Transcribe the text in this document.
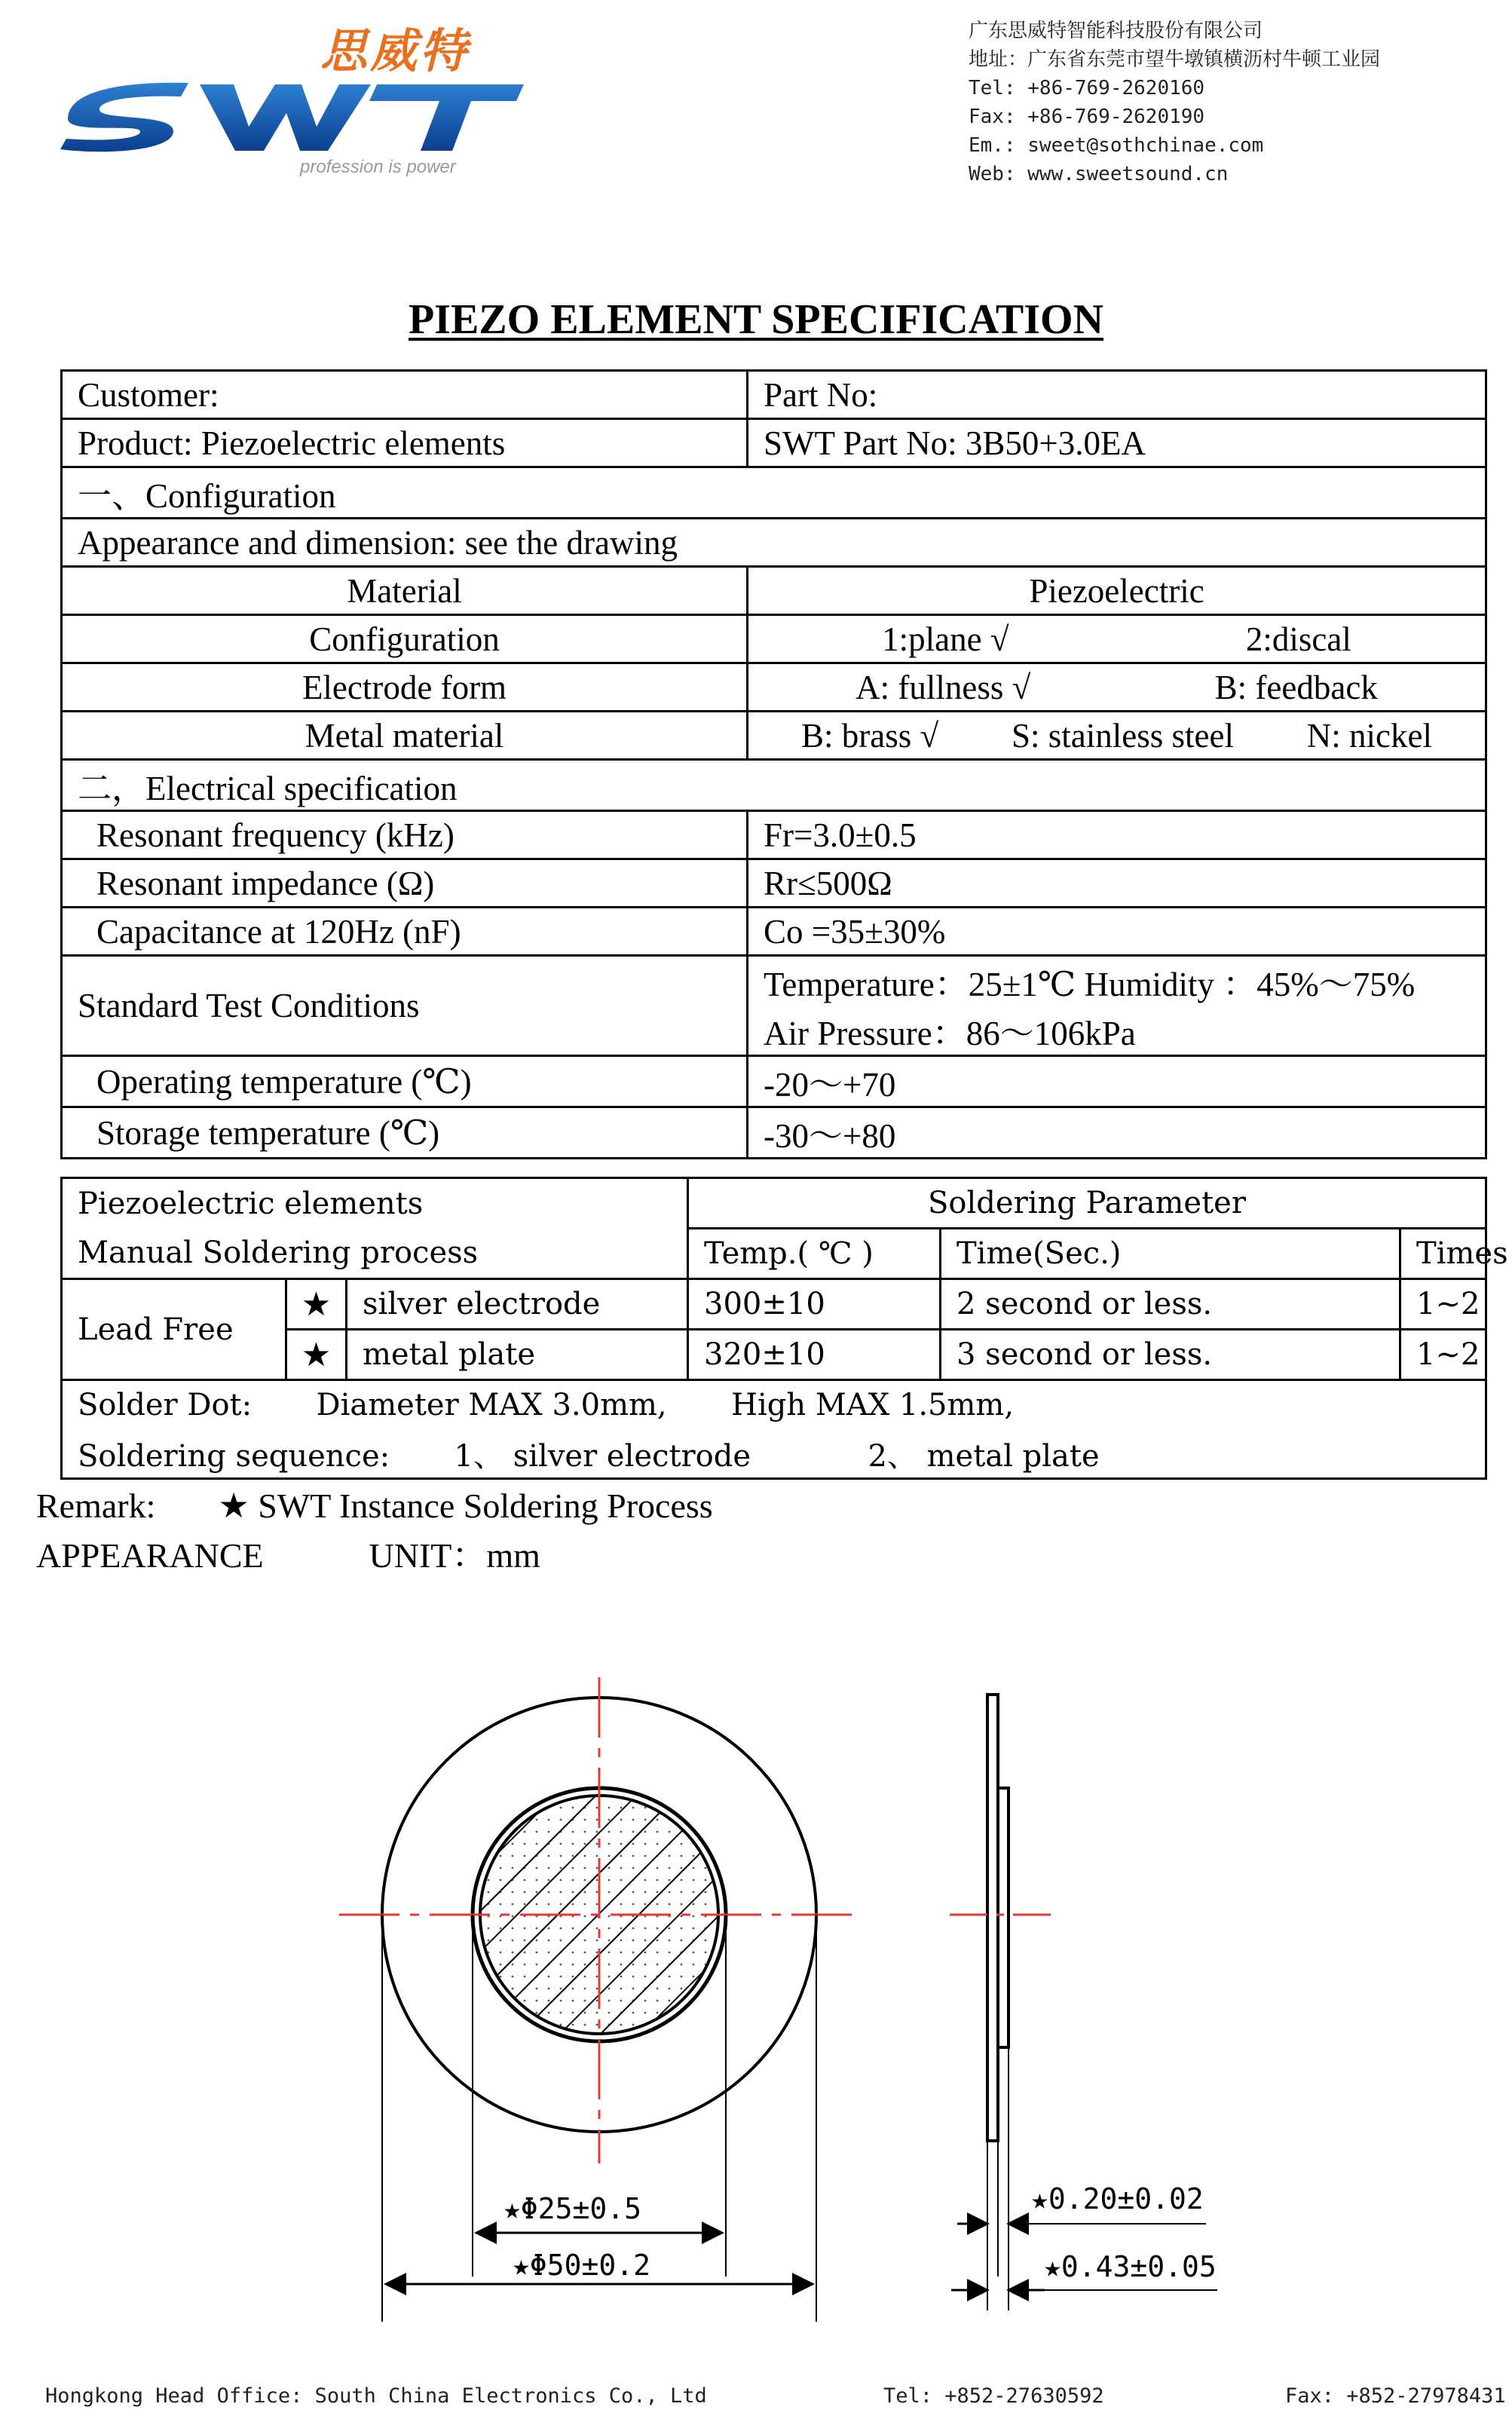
思威特
profession is power
广东思威特智能科技股份有限公司
地址：广东省东莞市望牛墩镇横沥村牛顿工业园
Tel: +86-769-2620160
Fax: +86-769-2620190
Em.: sweet@sothchinae.com
Web: www.sweetsound.cn
PIEZO ELEMENT SPECIFICATION
Customer:	Part No:
Product: Piezoelectric elements	SWT Part No: 3B50+3.0EA
一、Configuration	
Appearance and dimension: see the drawing	
Material	Piezoelectric
Configuration	1:plane √ 2:discal

Electrode form	A: fullness √ B: feedback

Metal material	B: brass √ S: stainless steel N: nickel

二，Electrical specification	
Resonant frequency (kHz)	Fr=3.0±0.5
Resonant impedance (Ω)	Rr≤500Ω
Capacitance at 120Hz (nF)	Co =35±30%
Standard Test Conditions	Temperature：25±1℃ Humidity ：45%～75%
Air Pressure：86～106kPa

Operating temperature (℃)	-20～+70
Storage temperature (℃)	-30～+80
Piezoelectric elements			Soldering Parameter		
Manual Soldering process			Temp.( ℃ )	Time(Sec.)	Times
Lead Free	★	silver electrode	300±10	2 second or less.	1~2
	★	metal plate	320±10	3 second or less.	1~2
Solder Dot: Diameter MAX 3.0mm, High MAX 1.5mm,					
Soldering sequence: 1、 silver electrode 2、 metal plate					
Remark: ★ SWT Instance Soldering Process
APPEARANCE	UNIT：mm
★Φ25±0.5
★Φ50±0.2
★0.20±0.02
★0.43±0.05
Hongkong Head Office: South China Electronics Co., Ltd	Tel: +852-27630592	Fax: +852-27978431
